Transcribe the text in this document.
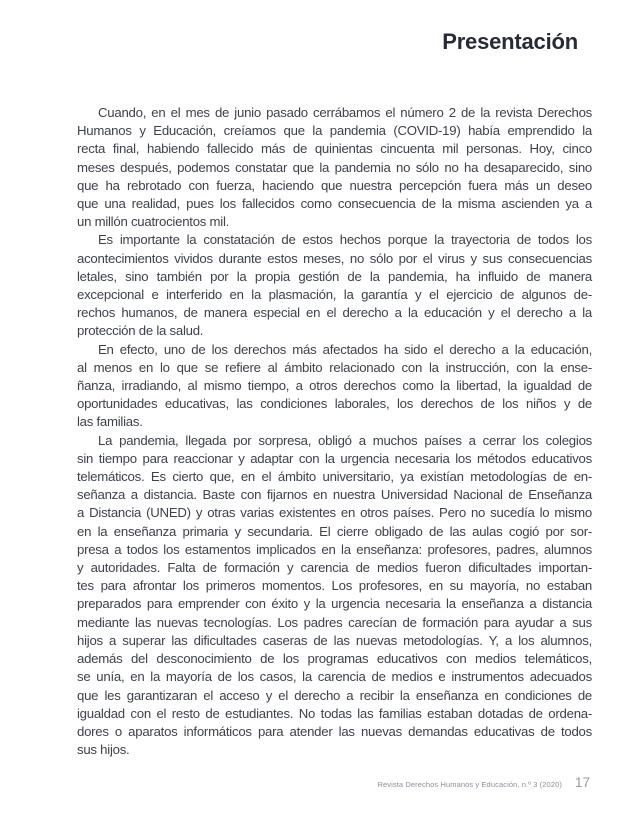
Presentación

Cuando, en el mes de junio pasado cerrábamos el número 2 de la revista Derechos
Humanos y Educación, creíamos que la pandemia (COVID-19) había emprendido la
recta final, habiendo fallecido más de quinientas cincuenta mil personas. Hoy, cinco
meses después, podemos constatar que la pandemia no sólo no ha desaparecido, sino
que ha rebrotado con fuerza, haciendo que nuestra percepción fuera más un deseo
que una realidad, pues los fallecidos como consecuencia de la misma ascienden ya a
un millón cuatrocientos mil.

Es importante la constatación de estos hechos porque la trayectoria de todos los
acontecimientos vividos durante estos meses, no sólo por el virus y sus consecuencias
letales, sino también por la propia gestión de la pandemia, ha influido de manera
excepcional e interferido en la plasmación, la garantía y el ejercicio de algunos de-
rechos humanos, de manera especial en el derecho a la educación y el derecho a la
protección de la salud.

En efecto, uno de los derechos más afectados ha sido el derecho a la educación,
al menos en lo que se refiere al ámbito relacionado con la instrucción, con la ense-
ñanza, irradiando, al mismo tiempo, a otros derechos como la libertad, la igualdad de
oportunidades educativas, las condiciones laborales, los derechos de los niños y de
las familias.

La pandemia, llegada por sorpresa, obligó a muchos países a cerrar los colegios
sin tiempo para reaccionar y adaptar con la urgencia necesaria los métodos educativos
telemáticos. Es cierto que, en el ámbito universitario, ya existían metodologías de en-
señanza a distancia. Baste con fijarnos en nuestra Universidad Nacional de Enseñanza
a Distancia (UNED) y otras varias existentes en otros países. Pero no sucedía lo mismo
en la enseñanza primaria y secundaria. El cierre obligado de las aulas cogió por sor-
presa a todos los estamentos implicados en la enseñanza: profesores, padres, alumnos
y autoridades. Falta de formación y carencia de medios fueron dificultades importan-
tes para afrontar los primeros momentos. Los profesores, en su mayoría, no estaban
preparados para emprender con éxito y la urgencia necesaria la enseñanza a distancia
mediante las nuevas tecnologías. Los padres carecían de formación para ayudar a sus
hijos a superar las dificultades caseras de las nuevas metodologías. Y, a los alumnos,
además del desconocimiento de los programas educativos con medios telemáticos,
se unía, en la mayoría de los casos, la carencia de medios e instrumentos adecuados
que les garantizaran el acceso y el derecho a recibir la enseñanza en condiciones de
igualdad con el resto de estudiantes. No todas las familias estaban dotadas de ordena-
dores o aparatos informáticos para atender las nuevas demandas educativas de todos
sus hijos.

Revista Derechos Humanos y Educación, n.º 3 (2020) 17
